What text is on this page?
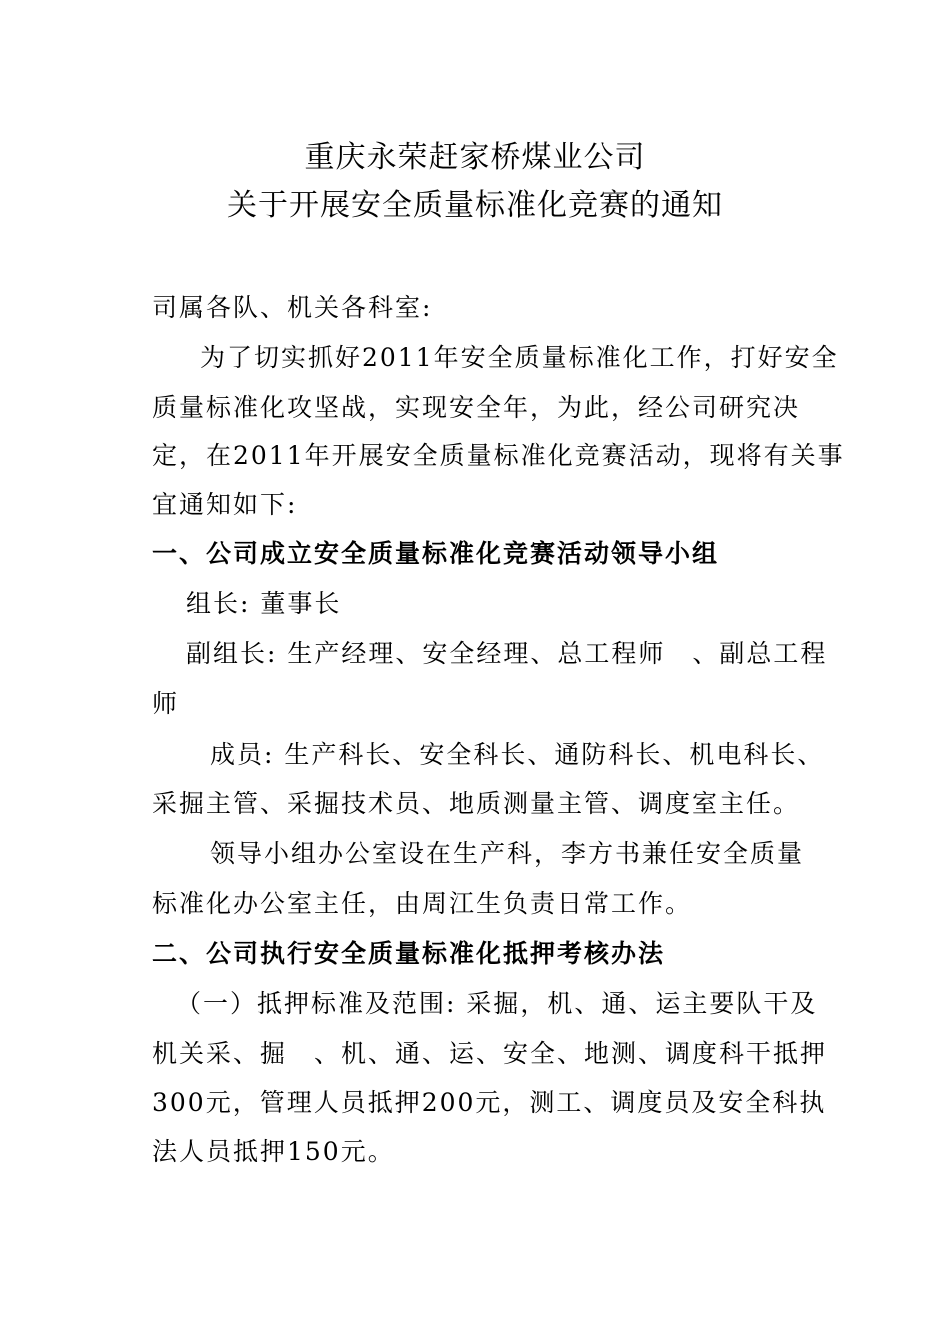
重庆永荣赶家桥煤业公司
关于开展安全质量标准化竞赛的通知
司属各队、机关各科室:
为了切实抓好2011年安全质量标准化工作，打好安全
质量标准化攻坚战，实现安全年，为此，经公司研究决
定，在2011年开展安全质量标准化竞赛活动，现将有关事
宜通知如下:
一、公司成立安全质量标准化竞赛活动领导小组
组长: 董事长
副组长: 生产经理、安全经理、总工程师　、副总工程
师
成员: 生产科长、安全科长、通防科长、机电科长、
采掘主管、采掘技术员、地质测量主管、调度室主任。
领导小组办公室设在生产科，李方书兼任安全质量
标准化办公室主任，由周江生负责日常工作。
二、公司执行安全质量标准化抵押考核办法
（一）抵押标准及范围: 采掘，机、通、运主要队干及
机关采、掘　、机、通、运、安全、地测、调度科干抵押
300元，管理人员抵押200元，测工、调度员及安全科执
法人员抵押150元。
